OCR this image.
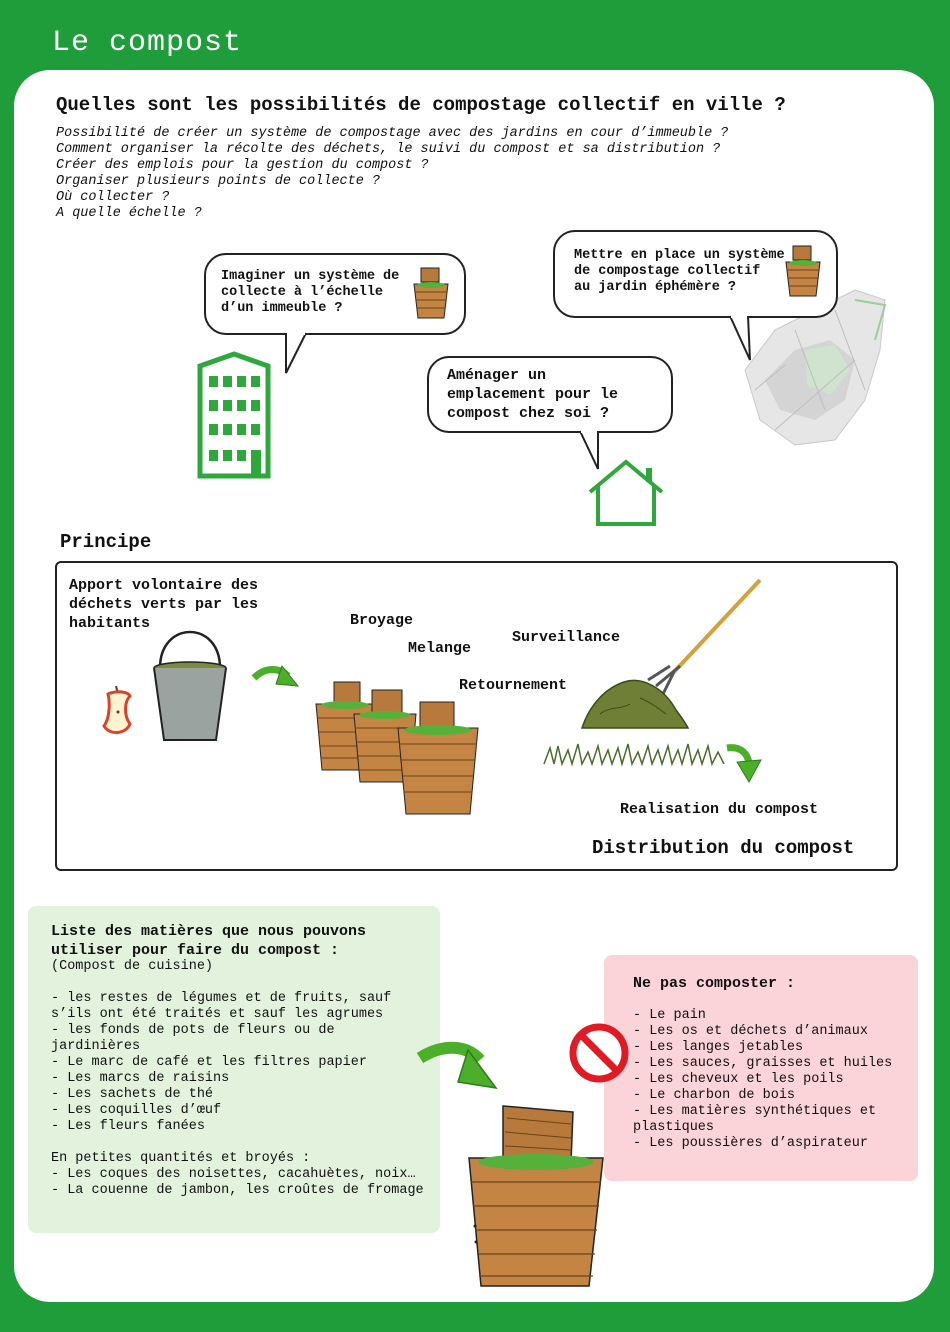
Le compost
Quelles sont les possibilités de compostage collectif en ville ?
Possibilité de créer un système de compostage avec des jardins en cour d’immeuble ?
Comment organiser la récolte des déchets, le suivi du compost et sa distribution ?
Créer des emplois pour la gestion du compost ?
Organiser plusieurs points de collecte ?
Où collecter ?
A quelle échelle ?
Imaginer un système de
collecte à l’échelle
d’un immeuble ?
Mettre en place un système
de compostage collectif
au jardin éphémère ?
Aménager un
emplacement pour le
compost chez soi ?
Principe
Apport volontaire des
déchets verts par les
habitants	Broyage
Melange
Surveillance
Retournement
Realisation du compost
Distribution du compost
Liste des matières que nous pouvons
utiliser pour faire du compost :
(Compost de cuisine)
- les restes de légumes et de fruits, sauf
s’ils ont été traités et sauf les agrumes
- les fonds de pots de fleurs ou de
jardinières
- Le marc de café et les filtres papier
- Les marcs de raisins
- Les sachets de thé
- Les coquilles d’œuf
- Les fleurs fanées
En petites quantités et broyés :
- Les coques des noisettes, cacahuètes, noix…
- La couenne de jambon, les croûtes de fromage
Ne pas composter :
- Le pain
- Les os et déchets d’animaux
- Les langes jetables
- Les sauces, graisses et huiles
- Les cheveux et les poils
- Le charbon de bois
- Les matières synthétiques et
plastiques
- Les poussières d’aspirateur
